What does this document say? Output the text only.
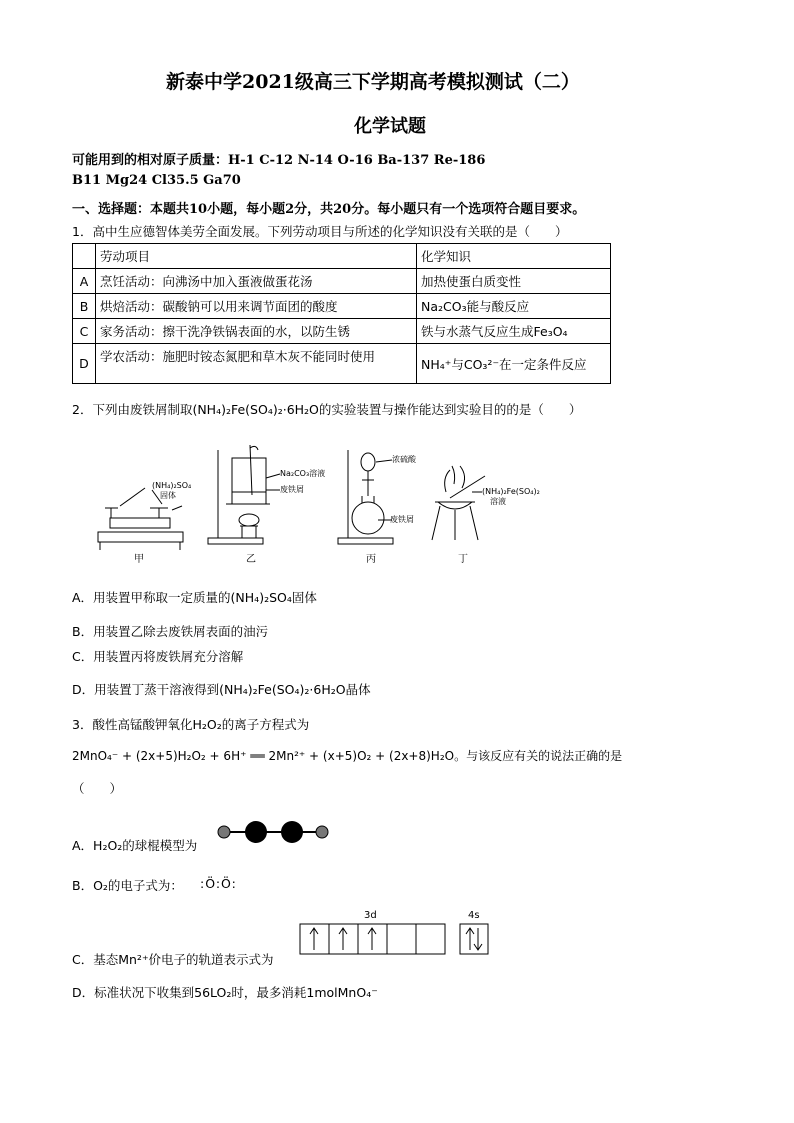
新泰中学2021级高三下学期高考模拟测试（二）
化学试题
可能用到的相对原子质量：H-1 C-12 N-14 O-16 Ba-137 Re-186
B11 Mg24 Cl35.5 Ga70
一、选择题：本题共10小题，每小题2分，共20分。每小题只有一个选项符合题目要求。
1．高中生应德智体美劳全面发展。下列劳动项目与所述的化学知识没有关联的是（　　）
	劳动项目	化学知识
A	烹饪活动：向沸汤中加入蛋液做蛋花汤	加热使蛋白质变性
B	烘焙活动：碳酸钠可以用来调节面团的酸度	Na₂CO₃能与酸反应
C	家务活动：擦干洗净铁锅表面的水，以防生锈	铁与水蒸气反应生成Fe₃O₄
D	学农活动：施肥时铵态氮肥和草木灰不能同时使用	NH₄⁺与CO₃²⁻在一定条件反应
2．下列由废铁屑制取(NH₄)₂Fe(SO₄)₂·6H₂O的实验装置与操作能达到实验目的的是（　　）
(NH₄)₂SO₄
固体
Na₂CO₃溶液
废铁屑
浓硫酸
废铁屑
(NH₄)₂Fe(SO₄)₂
溶液
甲	乙	丙	丁
A．用装置甲称取一定质量的(NH₄)₂SO₄固体
B．用装置乙除去废铁屑表面的油污
C．用装置丙将废铁屑充分溶解
D．用装置丁蒸干溶液得到(NH₄)₂Fe(SO₄)₂·6H₂O晶体
3．酸性高锰酸钾氧化H₂O₂的离子方程式为
2MnO₄⁻ + (2x+5)H₂O₂ + 6H⁺ ══ 2Mn²⁺ + (x+5)O₂ + (2x+8)H₂O。与该反应有关的说法正确的是
（　　）
A．H₂O₂的球棍模型为
B．O₂的电子式为： :Ö:Ö:
C．基态Mn²⁺价电子的轨道表示式为
3d	4s
D．标准状况下收集到56LO₂时，最多消耗1molMnO₄⁻
